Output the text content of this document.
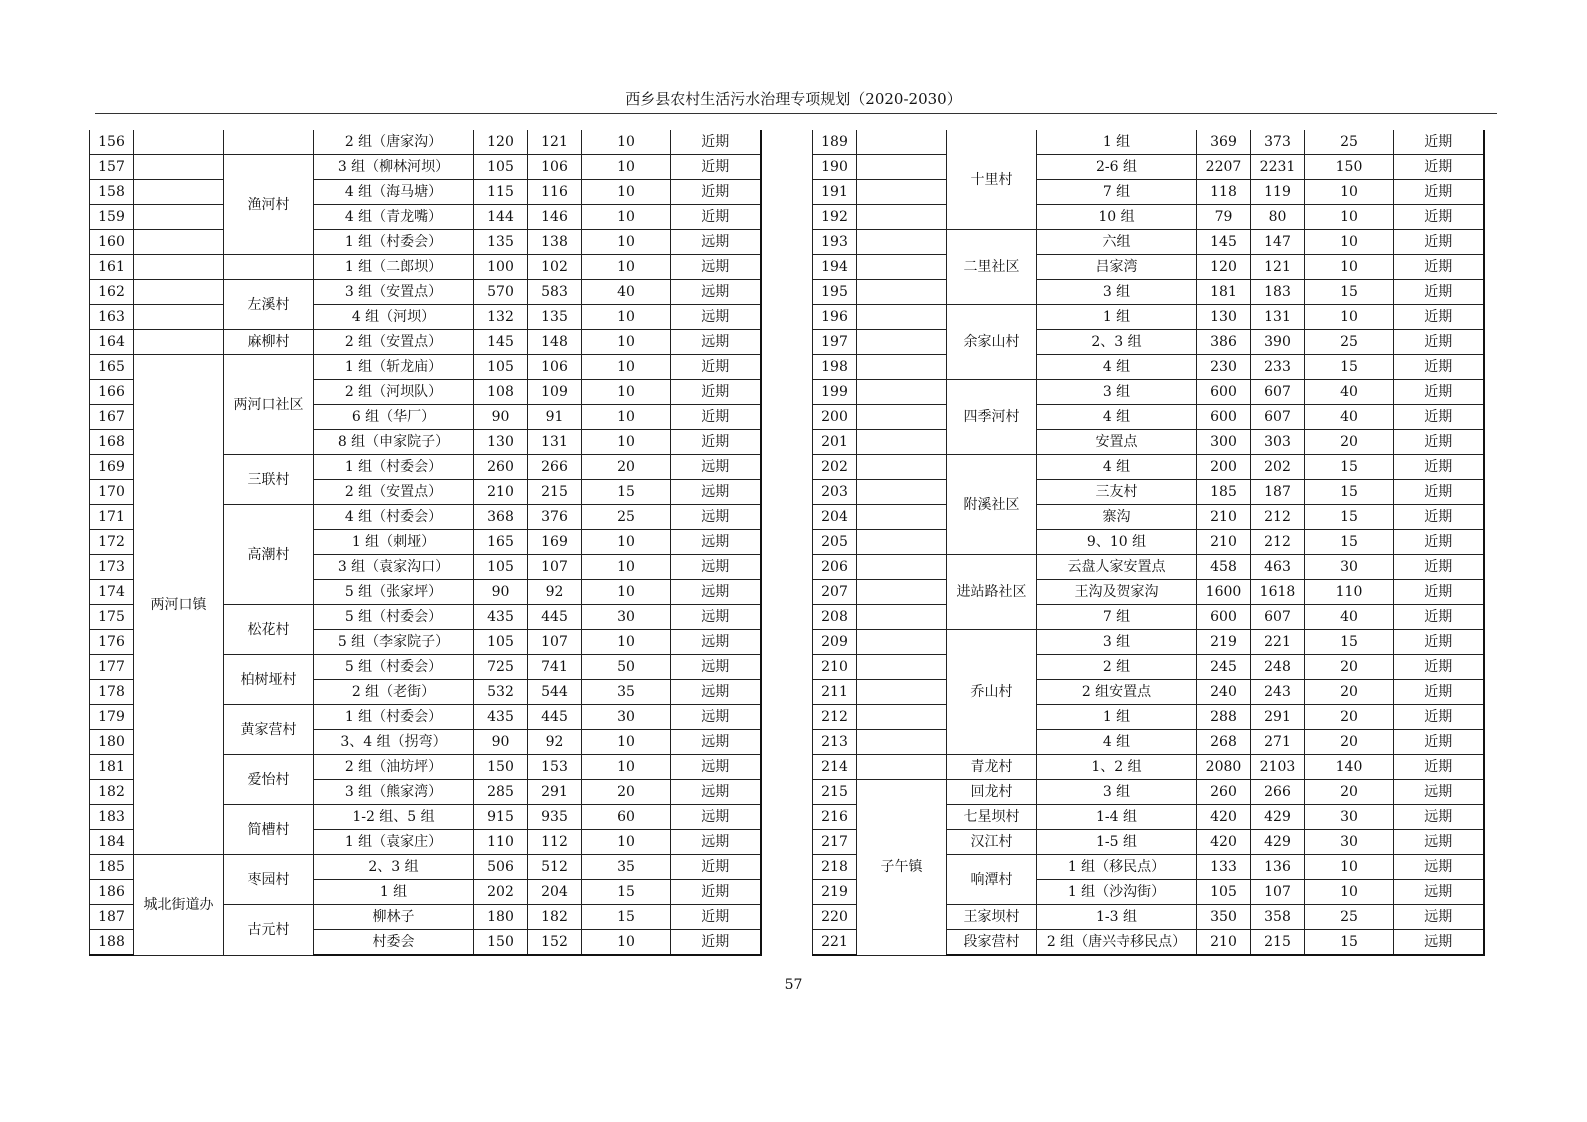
西乡县农村生活污水治理专项规划（2020-2030）
156			2 组（唐家沟）	120	121	10	近期
157		渔河村	3 组（柳林河坝）	105	106	10	近期
158			4 组（海马塘）	115	116	10	近期
159			4 组（青龙嘴）	144	146	10	近期
160			1 组（村委会）	135	138	10	远期
161			1 组（二郎坝）	100	102	10	远期
162		左溪村	3 组（安置点）	570	583	40	远期
163			4 组（河坝）	132	135	10	远期
164		麻柳村	2 组（安置点）	145	148	10	远期
165	两河口镇	两河口社区	1 组（斩龙庙）	105	106	10	近期
166			2 组（河坝队）	108	109	10	近期
167			6 组（华厂）	90	91	10	近期
168			8 组（申家院子）	130	131	10	近期
169		三联村	1 组（村委会）	260	266	20	远期
170			2 组（安置点）	210	215	15	远期
171		高潮村	4 组（村委会）	368	376	25	远期
172			1 组（刺垭）	165	169	10	远期
173			3 组（袁家沟口）	105	107	10	远期
174			5 组（张家坪）	90	92	10	远期
175		松花村	5 组（村委会）	435	445	30	远期
176			5 组（李家院子）	105	107	10	远期
177		柏树垭村	5 组（村委会）	725	741	50	远期
178			2 组（老街）	532	544	35	远期
179		黄家营村	1 组（村委会）	435	445	30	远期
180			3、4 组（拐弯）	90	92	10	远期
181		爱怡村	2 组（油坊坪）	150	153	10	远期
182			3 组（熊家湾）	285	291	20	远期
183		简槽村	1-2 组、5 组	915	935	60	远期
184			1 组（袁家庄）	110	112	10	远期
185	城北街道办	枣园村	2、3 组	506	512	35	近期
186			1 组	202	204	15	近期
187		古元村	柳林子	180	182	15	近期
188			村委会	150	152	10	近期
189		十里村	1 组	369	373	25	近期
190			2-6 组	2207	2231	150	近期
191			7 组	118	119	10	近期
192			10 组	79	80	10	近期
193		二里社区	六组	145	147	10	近期
194			吕家湾	120	121	10	近期
195			3 组	181	183	15	近期
196		余家山村	1 组	130	131	10	近期
197			2、3 组	386	390	25	近期
198			4 组	230	233	15	近期
199		四季河村	3 组	600	607	40	近期
200			4 组	600	607	40	近期
201			安置点	300	303	20	近期
202		附溪社区	4 组	200	202	15	近期
203			三友村	185	187	15	近期
204			寨沟	210	212	15	近期
205			9、10 组	210	212	15	近期
206		进站路社区	云盘人家安置点	458	463	30	近期
207			王沟及贺家沟	1600	1618	110	近期
208			7 组	600	607	40	近期
209		乔山村	3 组	219	221	15	近期
210			2 组	245	248	20	近期
211			2 组安置点	240	243	20	近期
212			1 组	288	291	20	近期
213			4 组	268	271	20	近期
214		青龙村	1、2 组	2080	2103	140	近期
215	子午镇	回龙村	3 组	260	266	20	远期
216		七星坝村	1-4 组	420	429	30	远期
217		汉江村	1-5 组	420	429	30	远期
218		响潭村	1 组（移民点）	133	136	10	远期
219			1 组（沙沟街）	105	107	10	远期
220		王家坝村	1-3 组	350	358	25	远期
221		段家营村	2 组（唐兴寺移民点）	210	215	15	远期
57
